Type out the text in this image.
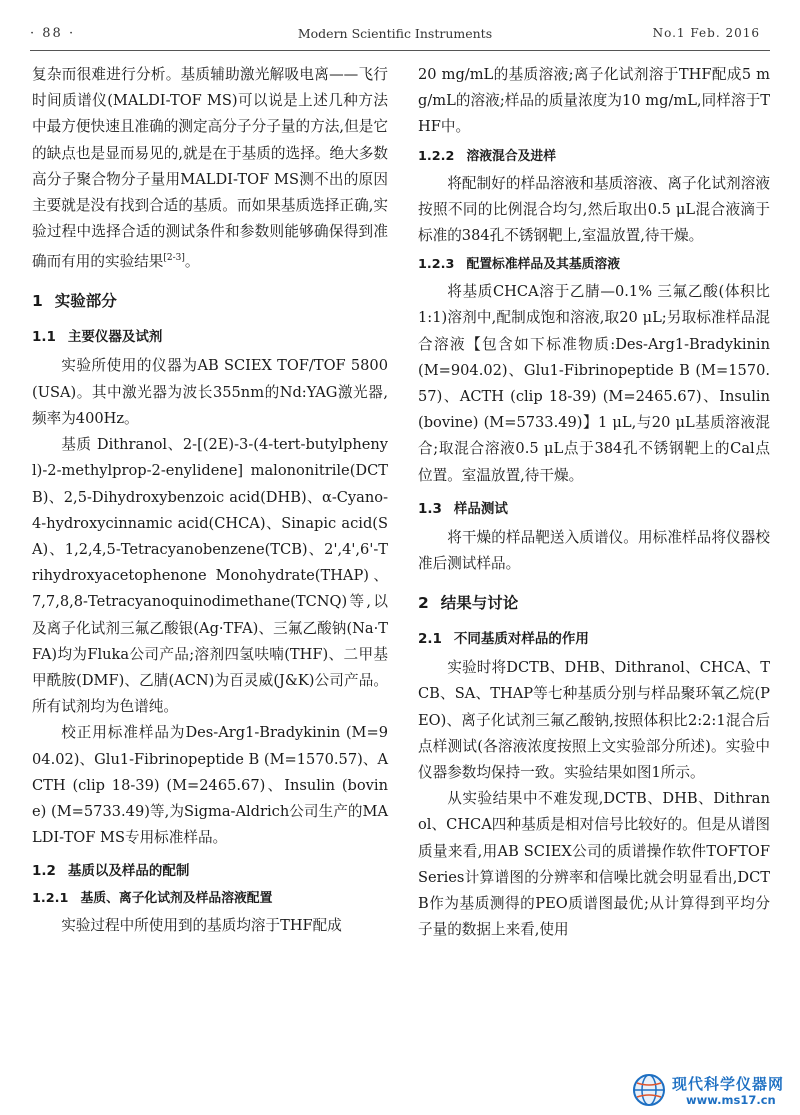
· 88 ·	Modern Scientific Instruments	No.1 Feb. 2016

复杂而很难进行分析。基质辅助激光解吸电离——飞行时间质谱仪(MALDI-TOF MS)可以说是上述几种方法中最方便快速且准确的测定高分子分子量的方法,但是它的缺点也是显而易见的,就是在于基质的选择。绝大多数高分子聚合物分子量用MALDI-TOF MS测不出的原因主要就是没有找到合适的基质。而如果基质选择正确,实验过程中选择合适的测试条件和参数则能够确保得到准确而有用的实验结果[2-3]。

1 实验部分
1.1 主要仪器及试剂

实验所使用的仪器为AB SCIEX TOF/TOF 5800(USA)。其中激光器为波长355nm的Nd:YAG激光器,频率为400Hz。

基质 Dithranol、2-[(2E)-3-(4-tert-butylphenyl)-2-methylprop-2-enylidene] malononitrile(DCTB)、2,5-Dihydroxybenzoic acid(DHB)、α-Cyano-4-hydroxycinnamic acid(CHCA)、Sinapic acid(SA)、1,2,4,5-Tetracyanobenzene(TCB)、2',4',6'-Trihydroxyacetophenone Monohydrate(THAP)、7,7,8,8-Tetracyanoquinodimethane(TCNQ)等,以及离子化试剂三氟乙酸银(Ag·TFA)、三氟乙酸钠(Na·TFA)均为Fluka公司产品;溶剂四氢呋喃(THF)、二甲基甲酰胺(DMF)、乙腈(ACN)为百灵威(J&K)公司产品。所有试剂均为色谱纯。

校正用标准样品为Des-Arg1-Bradykinin (M=904.02)、Glu1-Fibrinopeptide B (M=1570.57)、ACTH (clip 18-39) (M=2465.67)、Insulin (bovine) (M=5733.49)等,为Sigma-Aldrich公司生产的MALDI-TOF MS专用标准样品。

1.2 基质以及样品的配制
1.2.1 基质、离子化试剂及样品溶液配置

实验过程中所使用到的基质均溶于THF配成

20 mg/mL的基质溶液;离子化试剂溶于THF配成5 mg/mL的溶液;样品的质量浓度为10 mg/mL,同样溶于THF中。

1.2.2 溶液混合及进样

将配制好的样品溶液和基质溶液、离子化试剂溶液按照不同的比例混合均匀,然后取出0.5 μL混合液滴于标准的384孔不锈钢靶上,室温放置,待干燥。

1.2.3 配置标准样品及其基质溶液

将基质CHCA溶于乙腈—0.1% 三氟乙酸(体积比1:1)溶剂中,配制成饱和溶液,取20 μL;另取标准样品混合溶液【包含如下标准物质:Des-Arg1-Bradykinin (M=904.02)、Glu1-Fibrinopeptide B (M=1570.57)、ACTH (clip 18-39) (M=2465.67)、Insulin (bovine) (M=5733.49)】1 μL,与20 μL基质溶液混合;取混合溶液0.5 μL点于384孔不锈钢靶上的Cal点位置。室温放置,待干燥。

1.3 样品测试

将干燥的样品靶送入质谱仪。用标准样品将仪器校准后测试样品。

2 结果与讨论
2.1 不同基质对样品的作用

实验时将DCTB、DHB、Dithranol、CHCA、TCB、SA、THAP等七种基质分别与样品聚环氧乙烷(PEO)、离子化试剂三氟乙酸钠,按照体积比2:2:1混合后点样测试(各溶液浓度按照上文实验部分所述)。实验中仪器参数均保持一致。实验结果如图1所示。

从实验结果中不难发现,DCTB、DHB、Dithranol、CHCA四种基质是相对信号比较好的。但是从谱图质量来看,用AB SCIEX公司的质谱操作软件TOFTOF Series计算谱图的分辨率和信噪比就会明显看出,DCTB作为基质测得的PEO质谱图最优;从计算得到平均分子量的数据上来看,使用

现代科学仪器网
www.ms17.cn
